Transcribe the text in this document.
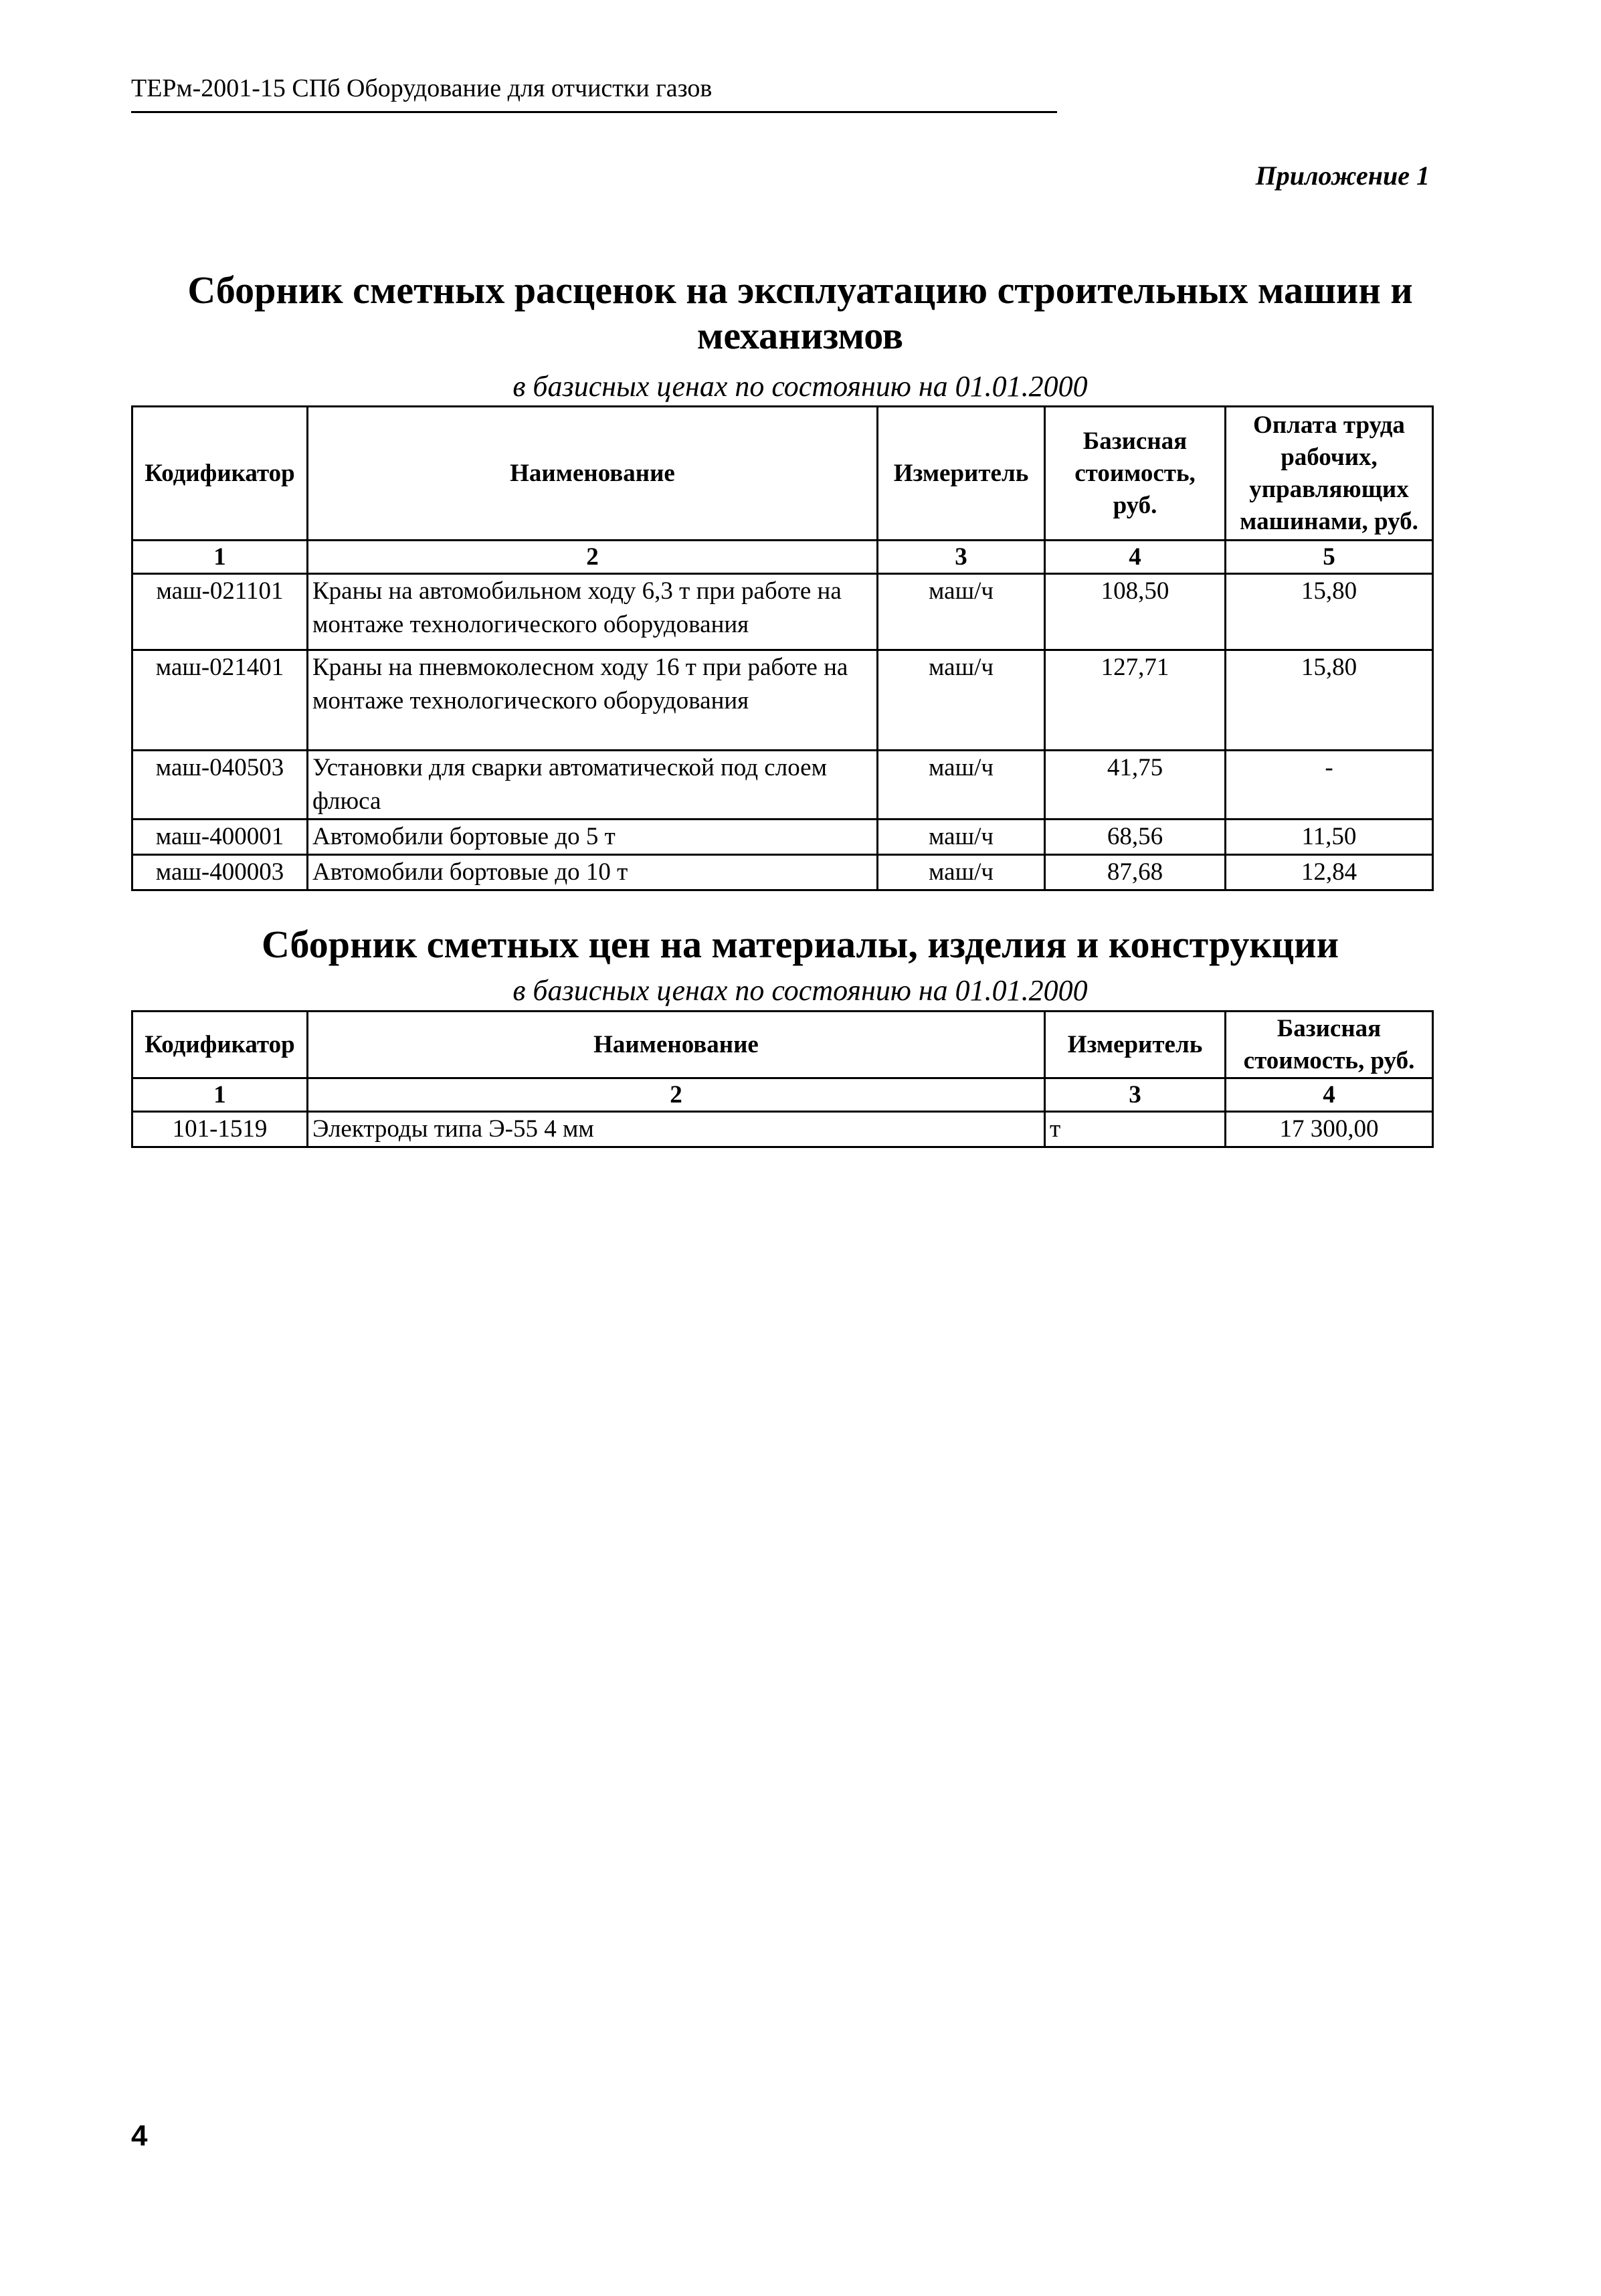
ТЕРм-2001-15 СПб Оборудование для отчистки газов
Приложение 1
Сборник сметных расценок на эксплуатацию строительных машин и механизмов
в базисных ценах по состоянию на 01.01.2000
Кодификатор	Наименование	Измеритель	Базисная стоимость, руб.	Оплата труда рабочих, управляющих машинами, руб.
1	2	3	4	5
маш-021101	Краны на автомобильном ходу 6,3 т при работе на монтаже технологического оборудования	маш/ч	108,50	15,80
маш-021401	Краны на пневмоколесном ходу 16 т при работе на монтаже технологического оборудования	маш/ч	127,71	15,80
маш-040503	Установки для сварки автоматической под слоем флюса	маш/ч	41,75	-
маш-400001	Автомобили бортовые до 5 т	маш/ч	68,56	11,50
маш-400003	Автомобили бортовые до 10 т	маш/ч	87,68	12,84
Сборник сметных цен на материалы, изделия и конструкции
в базисных ценах по состоянию на 01.01.2000
Кодификатор	Наименование	Измеритель	Базисная стоимость, руб.
1	2	3	4
101-1519	Электроды типа Э-55 4 мм	т	17 300,00
4
